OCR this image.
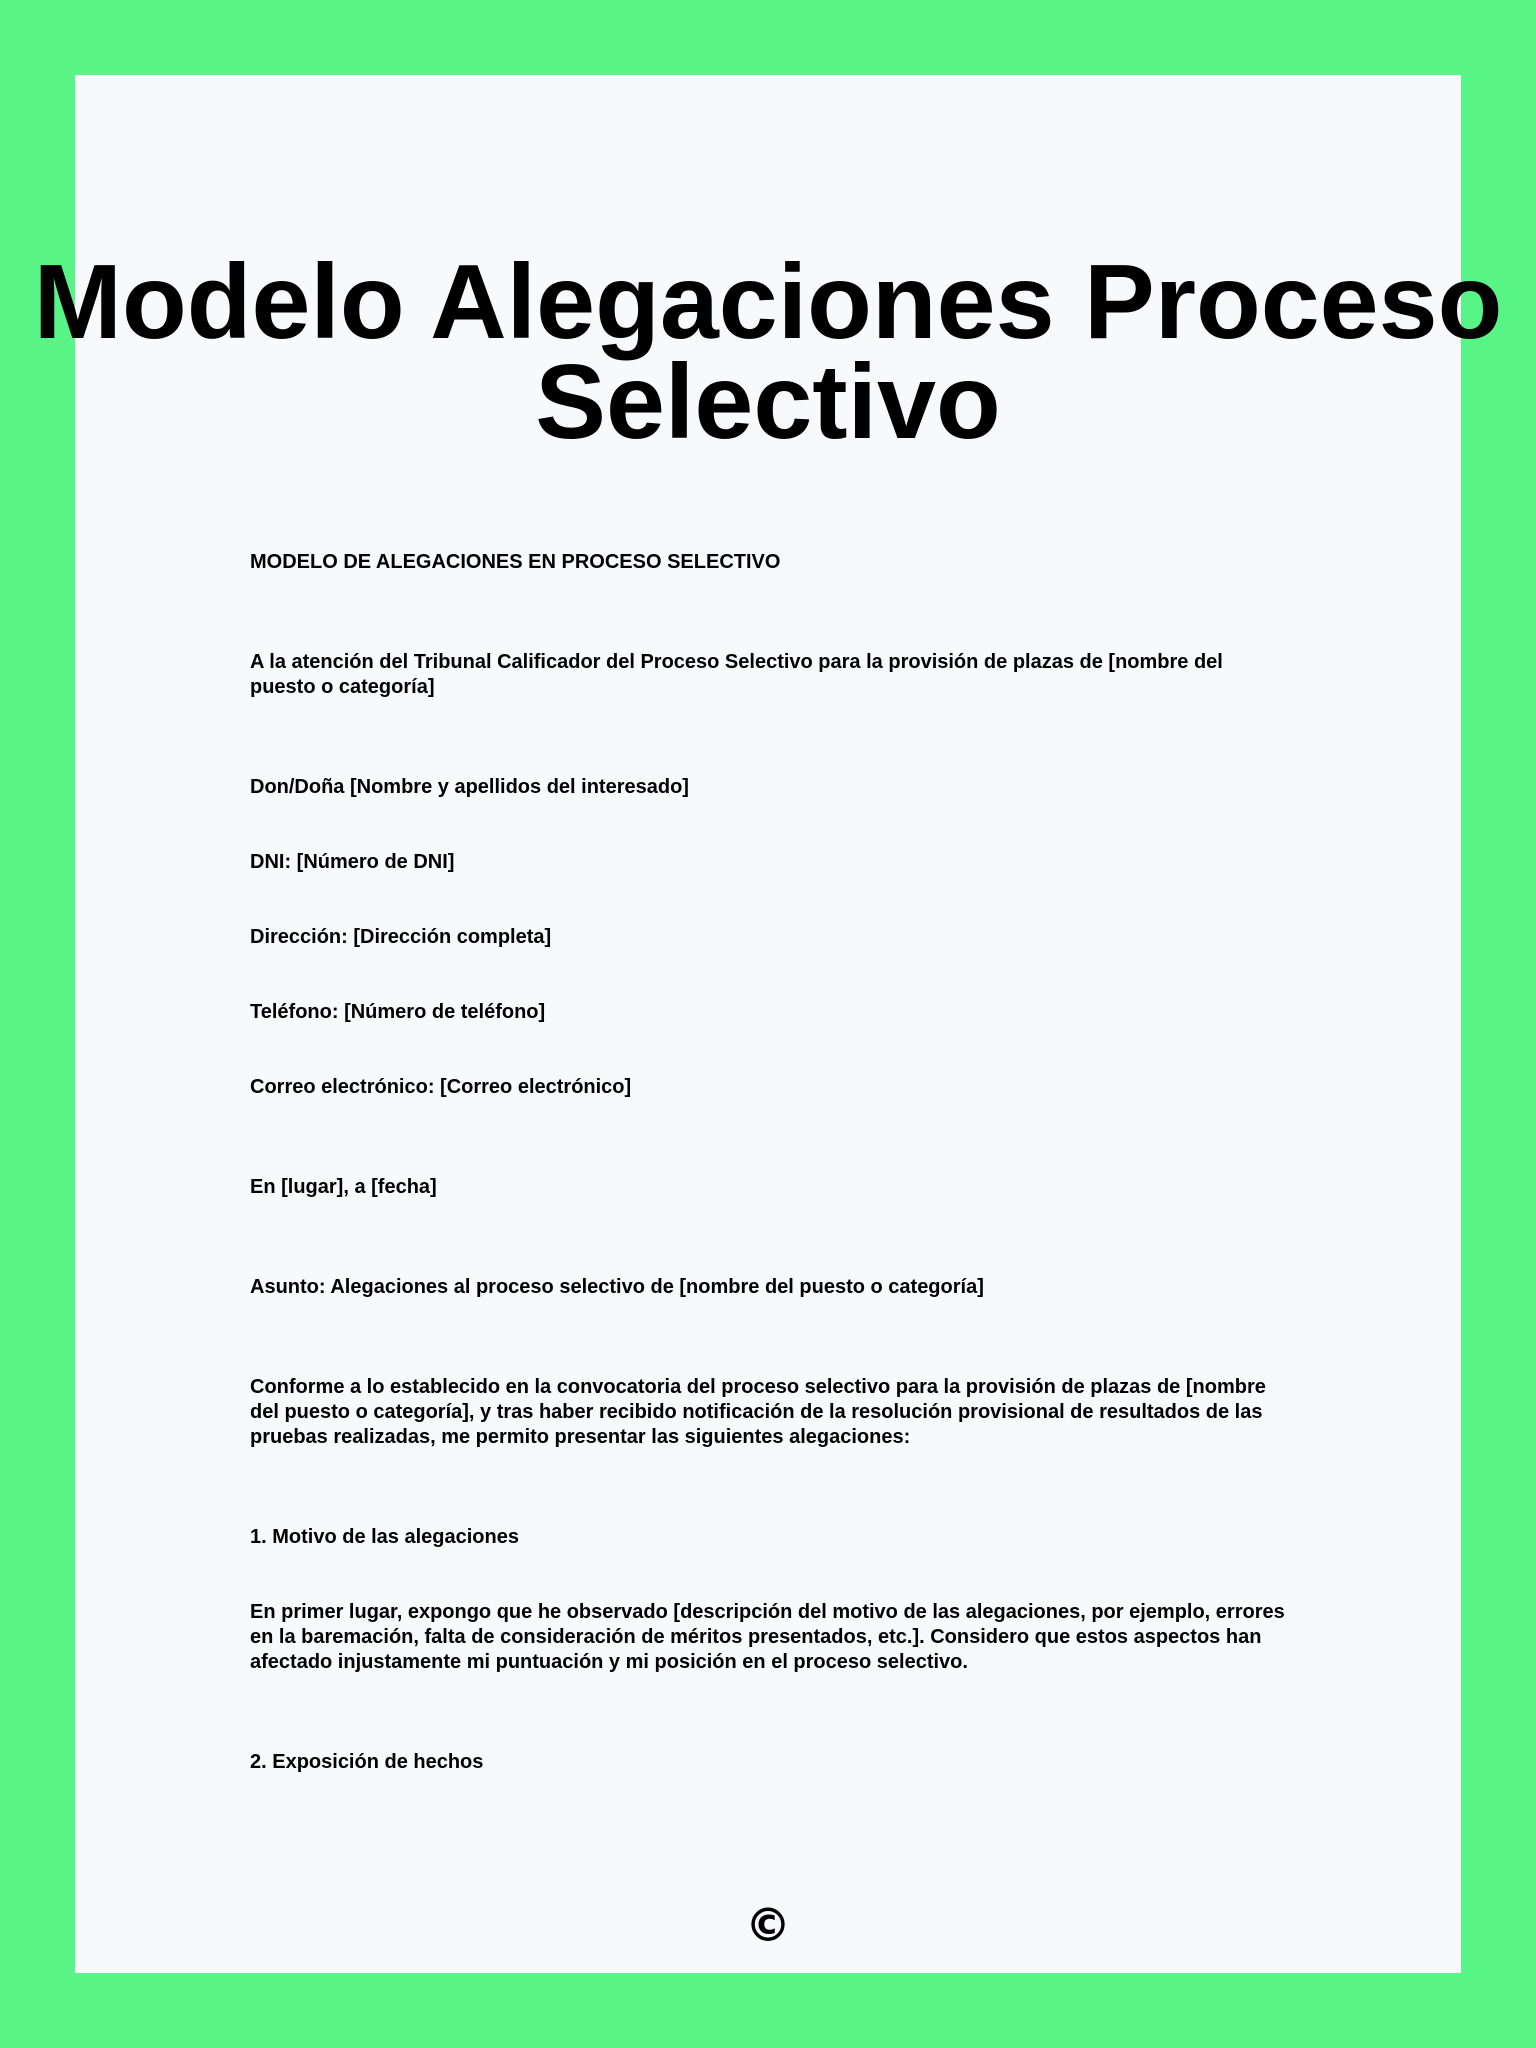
Modelo Alegaciones Proceso Selectivo

MODELO DE ALEGACIONES EN PROCESO SELECTIVO

A la atención del Tribunal Calificador del Proceso Selectivo para la provisión de plazas de [nombre del puesto o categoría]

Don/Doña [Nombre y apellidos del interesado]

DNI: [Número de DNI]

Dirección: [Dirección completa]

Teléfono: [Número de teléfono]

Correo electrónico: [Correo electrónico]

En [lugar], a [fecha]

Asunto: Alegaciones al proceso selectivo de [nombre del puesto o categoría]

Conforme a lo establecido en la convocatoria del proceso selectivo para la provisión de plazas de [nombre del puesto o categoría], y tras haber recibido notificación de la resolución provisional de resultados de las pruebas realizadas, me permito presentar las siguientes alegaciones:

1. Motivo de las alegaciones

En primer lugar, expongo que he observado [descripción del motivo de las alegaciones, por ejemplo, errores en la baremación, falta de consideración de méritos presentados, etc.]. Considero que estos aspectos han afectado injustamente mi puntuación y mi posición en el proceso selectivo.

2. Exposición de hechos

©
